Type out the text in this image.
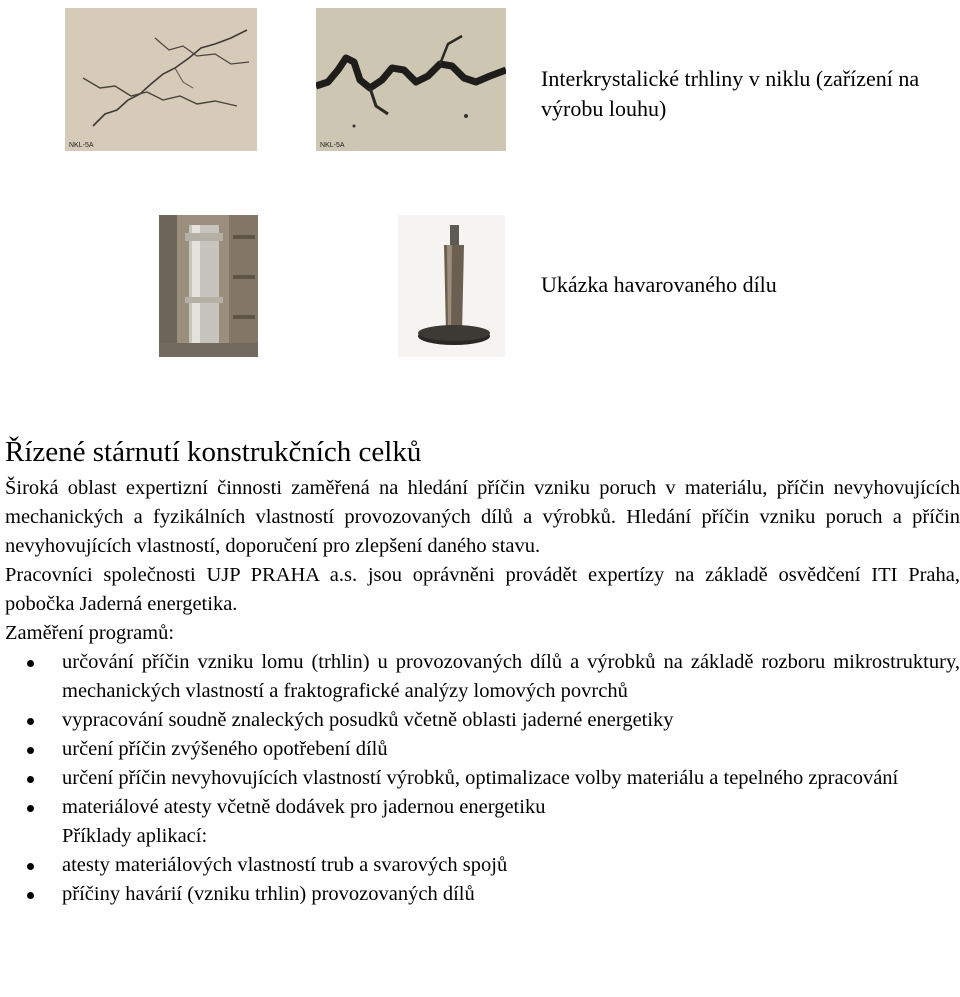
NKL-5A	NKL-5A
Interkrystalické trhliny v niklu (zařízení na výrobu louhu)
Ukázka havarovaného dílu
Řízené stárnutí konstrukčních celků

Široká oblast expertizní činnosti zaměřená na hledání příčin vzniku poruch v materiálu, příčin nevyhovujících mechanických a fyzikálních vlastností provozovaných dílů a výrobků. Hledání příčin vzniku poruch a příčin nevyhovujících vlastností, doporučení pro zlepšení daného stavu.

Pracovníci společnosti UJP PRAHA a.s. jsou oprávněni provádět expertízy na základě osvědčení ITI Praha, pobočka Jaderná energetika.

Zaměření programů:

určování příčin vzniku lomu (trhlin) u provozovaných dílů a výrobků na základě rozboru mikrostruktury, mechanických vlastností a fraktografické analýzy lomových povrchů
vypracování soudně znaleckých posudků včetně oblasti jaderné energetiky
určení příčin zvýšeného opotřebení dílů
určení příčin nevyhovujících vlastností výrobků, optimalizace volby materiálu a tepelného zpracování
materiálové atesty včetně dodávek pro jadernou energetiku
Příklady aplikací:
atesty materiálových vlastností trub a svarových spojů
příčiny havárií (vzniku trhlin) provozovaných dílů
